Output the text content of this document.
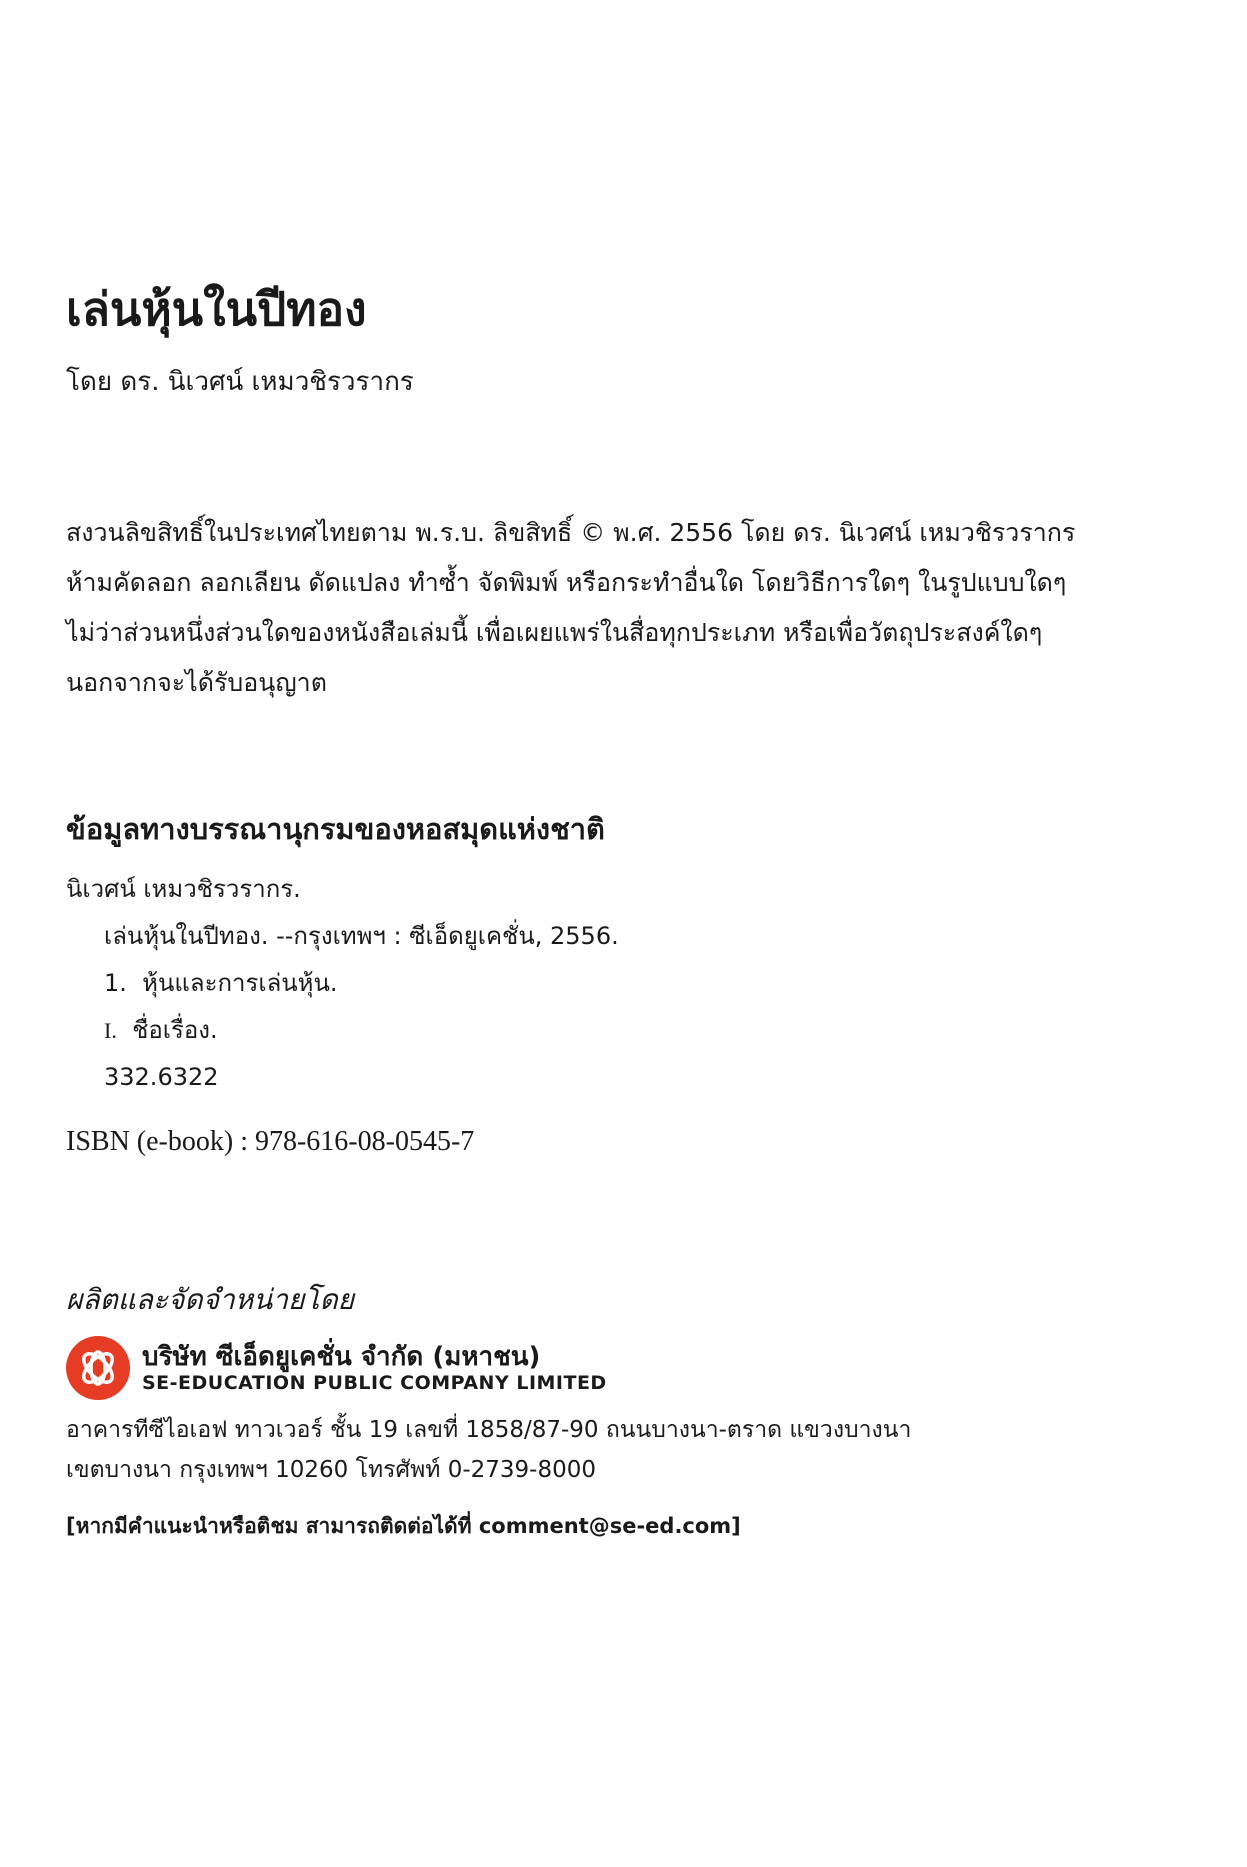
เล่นหุ้นในปีทอง
โดย ดร. นิเวศน์ เหมวชิรวรากร
สงวนลิขสิทธิ์ในประเทศไทยตาม พ.ร.บ. ลิขสิทธิ์ © พ.ศ. 2556 โดย ดร. นิเวศน์ เหมวชิรวรากร
ห้ามคัดลอก ลอกเลียน ดัดแปลง ทำซ้ำ จัดพิมพ์ หรือกระทำอื่นใด โดยวิธีการใดๆ ในรูปแบบใดๆ
ไม่ว่าส่วนหนึ่งส่วนใดของหนังสือเล่มนี้ เพื่อเผยแพร่ในสื่อทุกประเภท หรือเพื่อวัตถุประสงค์ใดๆ
นอกจากจะได้รับอนุญาต
ข้อมูลทางบรรณานุกรมของหอสมุดแห่งชาติ
นิเวศน์ เหมวชิรวรากร.
เล่นหุ้นในปีทอง. --กรุงเทพฯ : ซีเอ็ดยูเคชั่น, 2556.
1. หุ้นและการเล่นหุ้น.
I. ชื่อเรื่อง.
332.6322
ISBN (e-book) : 978-616-08-0545-7
ผลิตและจัดจำหน่ายโดย
บริษัท ซีเอ็ดยูเคชั่น จำกัด (มหาชน)
SE-EDUCATION PUBLIC COMPANY LIMITED
อาคารทีซีไอเอฟ ทาวเวอร์ ชั้น 19 เลขที่ 1858/87-90 ถนนบางนา-ตราด แขวงบางนา
เขตบางนา กรุงเทพฯ 10260 โทรศัพท์ 0-2739-8000
[หากมีคำแนะนำหรือติชม สามารถติดต่อได้ที่ comment@se-ed.com]
